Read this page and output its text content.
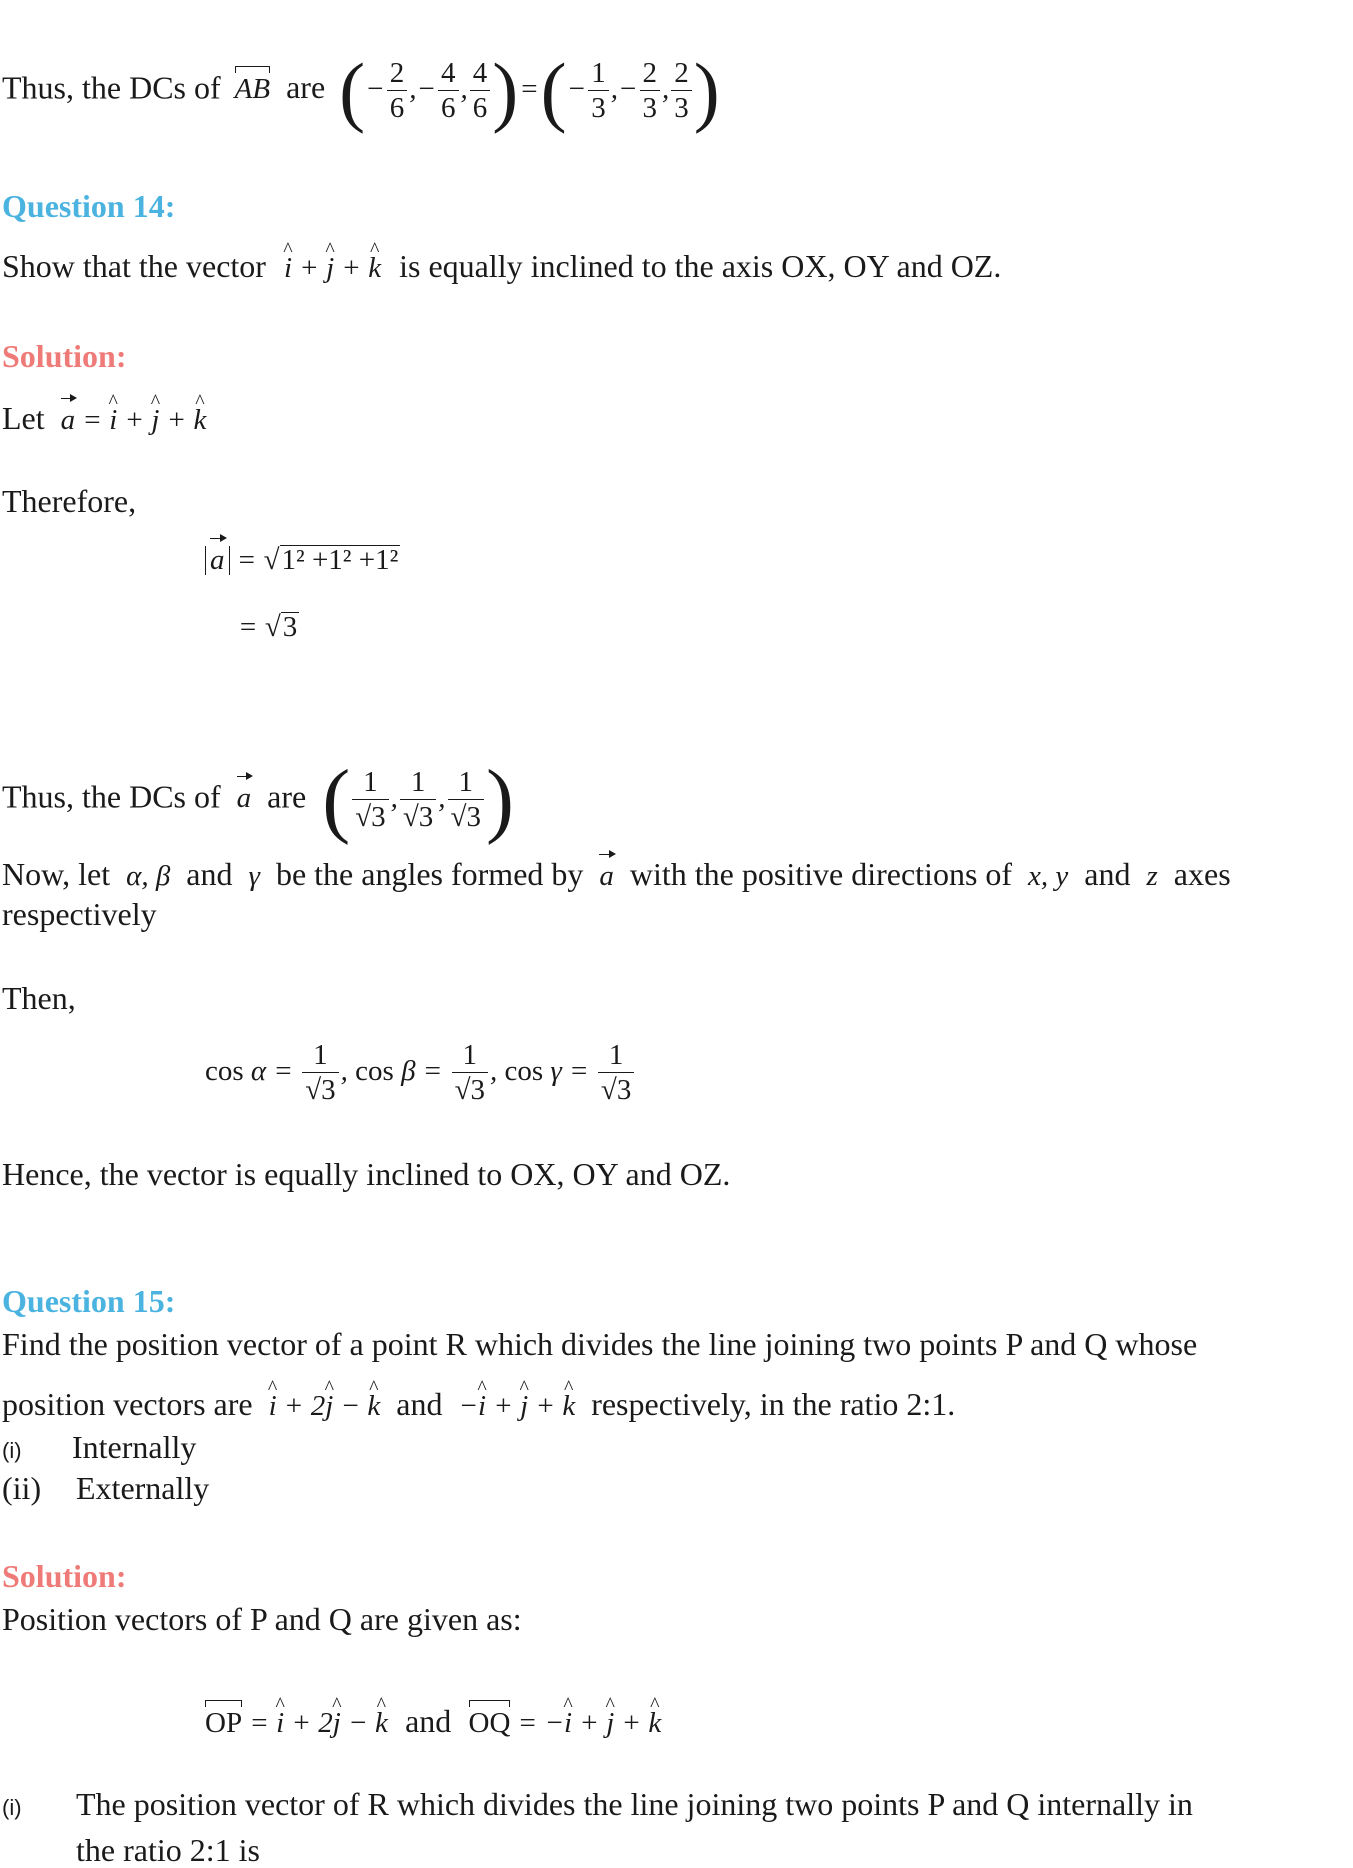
Thus, the DCs of AB are (− $\frac{2}{6}$ ,− $\frac{4}{6}$ , $\frac{4}{6}$ ) =(− $\frac{1}{3}$ ,− $\frac{2}{3}$ , $\frac{2}{3}$ )
Question 14:
Show that the vector ^ i + ^ j + ^ k is equally inclined to the axis OX, OY and OZ.
Solution:
Let a = ^ i + ^ j + ^ k
Therefore,
a = √1² +1² +1²
= √3
Thus, the DCs of a are ( $\frac{1}{√3}$ , $\frac{1}{√3}$ , $\frac{1}{√3}$ )
Now, let α, β and γ be the angles formed by a with the positive directions of x, y and z axes
respectively
Then,
$\cos \alpha = \frac{1}{√3}$ , $\cos \beta = \frac{1}{√3}$ , $\cos \gamma = \frac{1}{√3}$
Hence, the vector is equally inclined to OX, OY and OZ.
Question 15:
Find the position vector of a point R which divides the line joining two points P and Q whose
position vectors are ^ i + 2^ j − ^ k and −^ i + ^ j + ^ k respectively, in the ratio 2:1.
(i) Internally
(ii) Externally
Solution:
Position vectors of P and Q are given as:
OP = ^ i + 2^ j − ^ k and OQ = −^ i + ^ j + ^ k
(i) The position vector of R which divides the line joining two points P and Q internally in
the ratio 2:1 is
